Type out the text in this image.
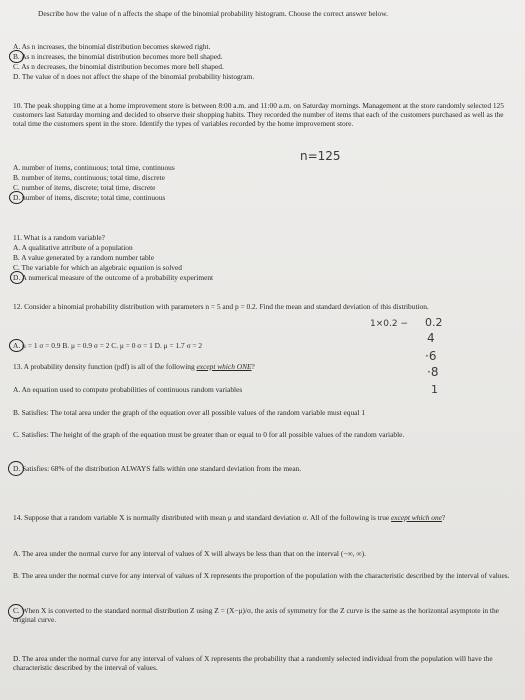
Describe how the value of n affects the shape of the binomial probability histogram. Choose the correct answer below.
A. As n increases, the binomial distribution becomes skewed right.
B. As n increases, the binomial distribution becomes more bell shaped.
C. As n decreases, the binomial distribution becomes more bell shaped.
D. The value of n does not affect the shape of the binomial probability histogram.
10. The peak shopping time at a home improvement store is between 8:00 a.m. and 11:00 a.m. on Saturday mornings. Management at the store randomly selected 125 customers last Saturday morning and decided to observe their shopping habits. They recorded the number of items that each of the customers purchased as well as the total time the customers spent in the store. Identify the types of variables recorded by the home improvement store.
n=125
A. number of items, continuous; total time, continuous
B. number of items, continuous; total time, discrete
C. number of items, discrete; total time, discrete
D. number of items, discrete; total time, continuous
11. What is a random variable?
A. A qualitative attribute of a population
B. A value generated by a random number table
C. The variable for which an algebraic equation is solved
D. A numerical measure of the outcome of a probability experiment
12. Consider a binomial probability distribution with parameters n = 5 and p = 0.2. Find the mean and standard deviation of this distribution.
1×0.2 − 0.2
A. μ = 1 σ = 0.9 B. μ = 0.9 σ = 2 C. μ = 0 σ = 1 D. μ = 1.7 σ = 2
4
·6
·8
1
13. A probability density function (pdf) is all of the following except which ONE?
A. An equation used to compute probabilities of continuous random variables
B. Satisfies: The total area under the graph of the equation over all possible values of the random variable must equal 1
C. Satisfies: The height of the graph of the equation must be greater than or equal to 0 for all possible values of the random variable.
D. Satisfies: 68% of the distribution ALWAYS falls within one standard deviation from the mean.
14. Suppose that a random variable X is normally distributed with mean μ and standard deviation σ. All of the following is true except which one?
A. The area under the normal curve for any interval of values of X will always be less than that on the interval (−∞, ∞).
B. The area under the normal curve for any interval of values of X represents the proportion of the population with the characteristic described by the interval of values.
C. When X is converted to the standard normal distribution Z using Z = (X−μ)/σ, the axis of symmetry for the Z curve is the same as the horizontal asymptote in the original curve.
D. The area under the normal curve for any interval of values of X represents the probability that a randomly selected individual from the population will have the characteristic described by the interval of values.
